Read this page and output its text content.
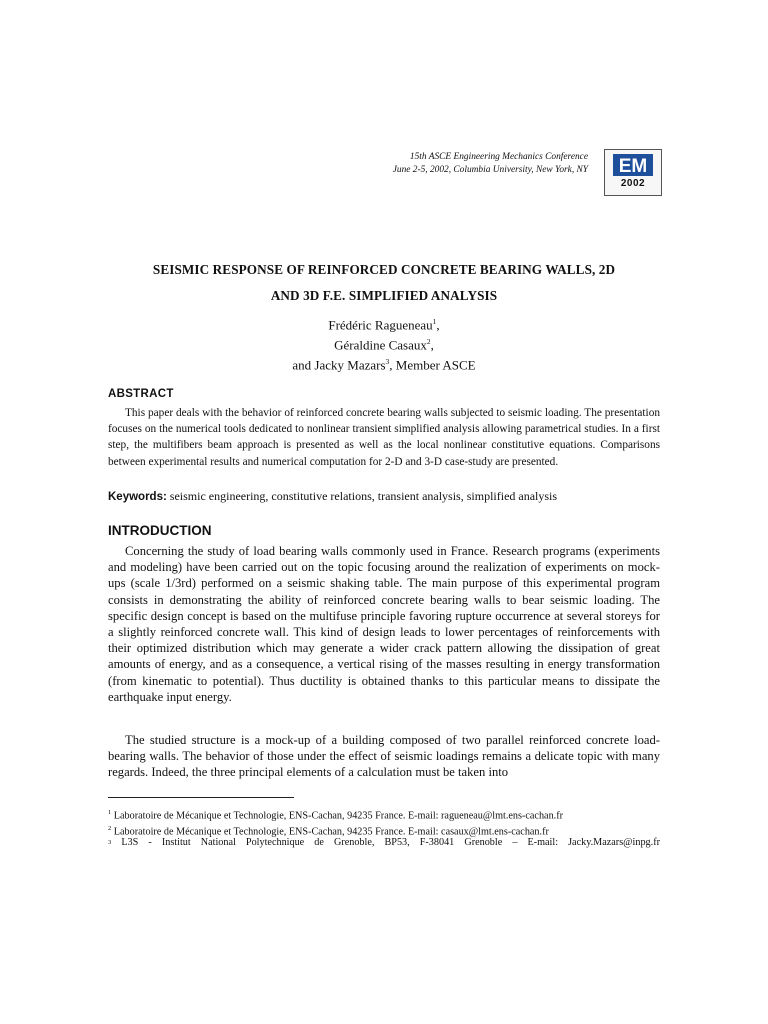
15th ASCE Engineering Mechanics Conference
June 2-5, 2002, Columbia University, New York, NY EM
2002
SEISMIC RESPONSE OF REINFORCED CONCRETE BEARING WALLS, 2D
AND 3D F.E. SIMPLIFIED ANALYSIS
Frédéric Ragueneau$^1$,
Géraldine Casaux$^2$,
and Jacky Mazars$^3$, Member ASCE
ABSTRACT

This paper deals with the behavior of reinforced concrete bearing walls subjected to seismic loading. The presentation focuses on the numerical tools dedicated to nonlinear transient simplified analysis allowing parametrical studies. In a first step, the multifibers beam approach is presented as well as the local nonlinear constitutive equations. Comparisons between experimental results and numerical computation for 2-D and 3-D case-study are presented.

Keywords: seismic engineering, constitutive relations, transient analysis, simplified analysis
INTRODUCTION

Concerning the study of load bearing walls commonly used in France. Research programs (experiments and modeling) have been carried out on the topic focusing around the realization of experiments on mock-ups (scale 1/3rd) performed on a seismic shaking table. The main purpose of this experimental program consists in demonstrating the ability of reinforced concrete bearing walls to bear seismic loading. The specific design concept is based on the multifuse principle favoring rupture occurrence at several storeys for a slightly reinforced concrete wall. This kind of design leads to lower percentages of reinforcements with their optimized distribution which may generate a wider crack pattern allowing the dissipation of great amounts of energy, and as a consequence, a vertical rising of the masses resulting in energy transformation (from kinematic to potential). Thus ductility is obtained thanks to this particular means to dissipate the earthquake input energy.

The studied structure is a mock-up of a building composed of two parallel reinforced concrete load-bearing walls. The behavior of those under the effect of seismic loadings remains a delicate topic with many regards. Indeed, the three principal elements of a calculation must be taken into

$^1$ Laboratoire de Mécanique et Technologie, ENS-Cachan, 94235 France. E-mail: ragueneau@lmt.ens-cachan.fr
$^2$ Laboratoire de Mécanique et Technologie, ENS-Cachan, 94235 France. E-mail: casaux@lmt.ens-cachan.fr
3 L3S - Institut National Polytechnique de Grenoble, BP53, F-38041 Grenoble – E-mail: Jacky.Mazars@inpg.fr
